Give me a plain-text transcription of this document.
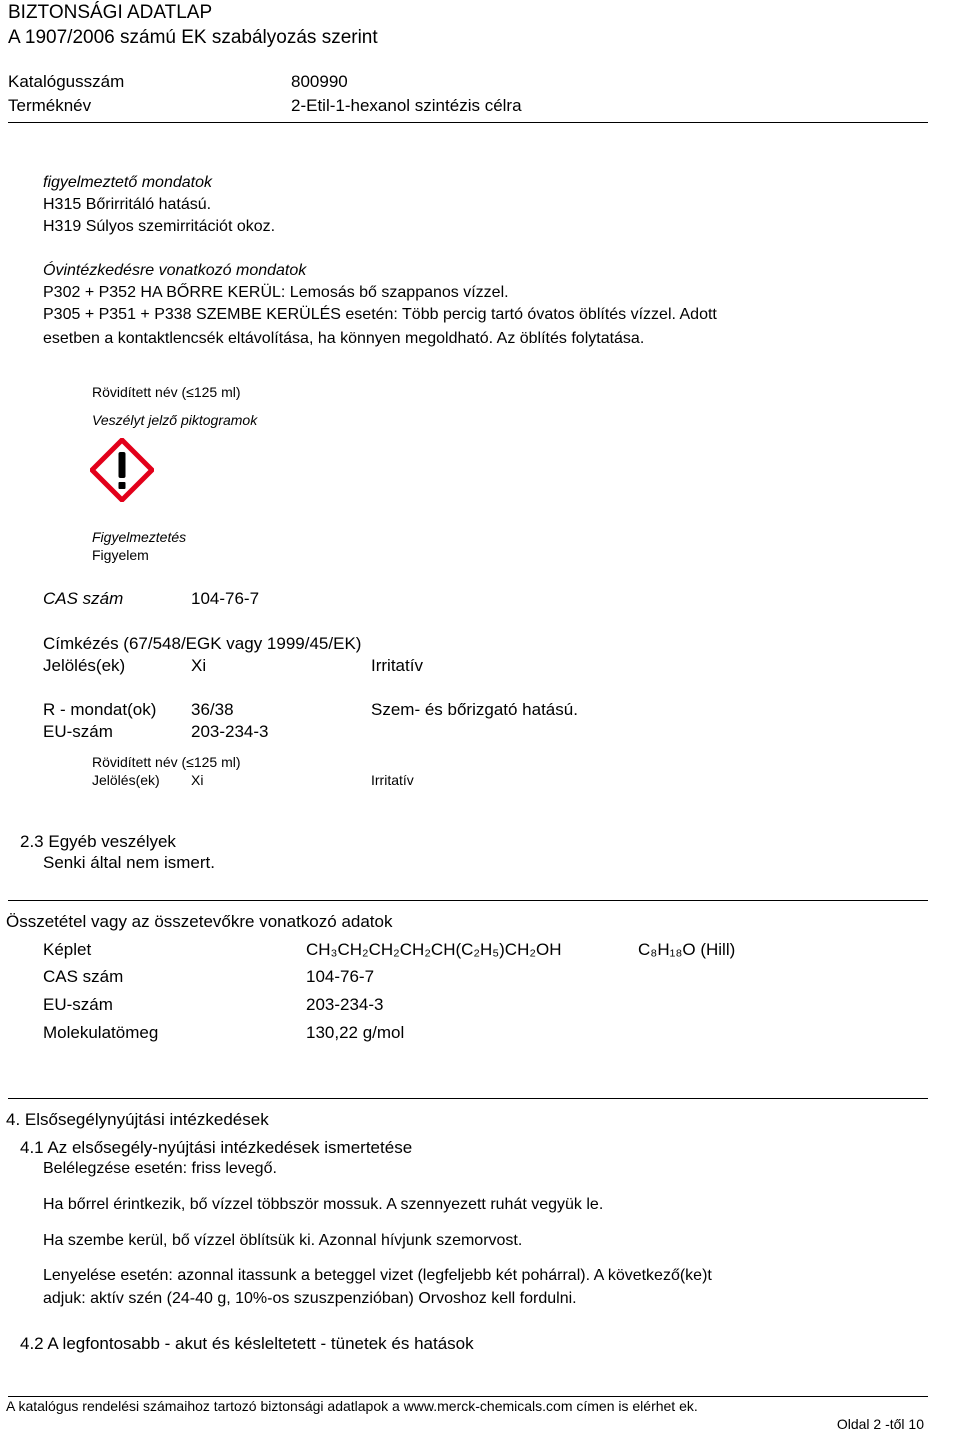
BIZTONSÁGI ADATLAP
A 1907/2006 számú EK szabályozás szerint
Katalógusszám	800990
Terméknév	2-Etil-1-hexanol szintézis célra
figyelmeztető mondatok
H315 Bőrirritáló hatású.
H319 Súlyos szemirritációt okoz.
Óvintézkedésre vonatkozó mondatok
P302 + P352 HA BŐRRE KERÜL: Lemosás bő szappanos vízzel.
P305 + P351 + P338 SZEMBE KERÜLÉS esetén: Több percig tartó óvatos öblítés vízzel. Adott
esetben a kontaktlencsék eltávolítása, ha könnyen megoldható. Az öblítés folytatása.
Rövidített név (≤125 ml)
Veszélyt jelző piktogramok
Figyelmeztetés
Figyelem
CAS szám	104-76-7
Címkézés (67/548/EGK vagy 1999/45/EK)
Jelölés(ek)	Xi	Irritatív
R - mondat(ok) 36/38	Szem- és bőrizgató hatású.
EU-szám	203-234-3
Rövidített név (≤125 ml)
Jelölés(ek) Xi	Irritatív
2.3 Egyéb veszélyek
Senki által nem ismert.
Összetétel vagy az összetevőkre vonatkozó adatok
Képlet	CH₃CH₂CH₂CH₂CH(C₂H₅)CH₂OH	C₈H₁₈O (Hill)
CAS szám	104-76-7
EU-szám	203-234-3
Molekulatömeg	130,22 g/mol
4. Elsősegélynyújtási intézkedések
4.1 Az elsősegély-nyújtási intézkedések ismertetése
Belélegzése esetén: friss levegő.
Ha bőrrel érintkezik, bő vízzel többször mossuk. A szennyezett ruhát vegyük le.
Ha szembe kerül, bő vízzel öblítsük ki. Azonnal hívjunk szemorvost.
Lenyelése esetén: azonnal itassunk a beteggel vizet (legfeljebb két pohárral). A következő(ke)t
adjuk: aktív szén (24-40 g, 10%-os szuszpenzióban) Orvoshoz kell fordulni.
4.2 A legfontosabb - akut és késleltetett - tünetek és hatások
A katalógus rendelési számaihoz tartozó biztonsági adatlapok a www.merck-chemicals.com címen is elérhet ek.
Oldal 2 -től 10
